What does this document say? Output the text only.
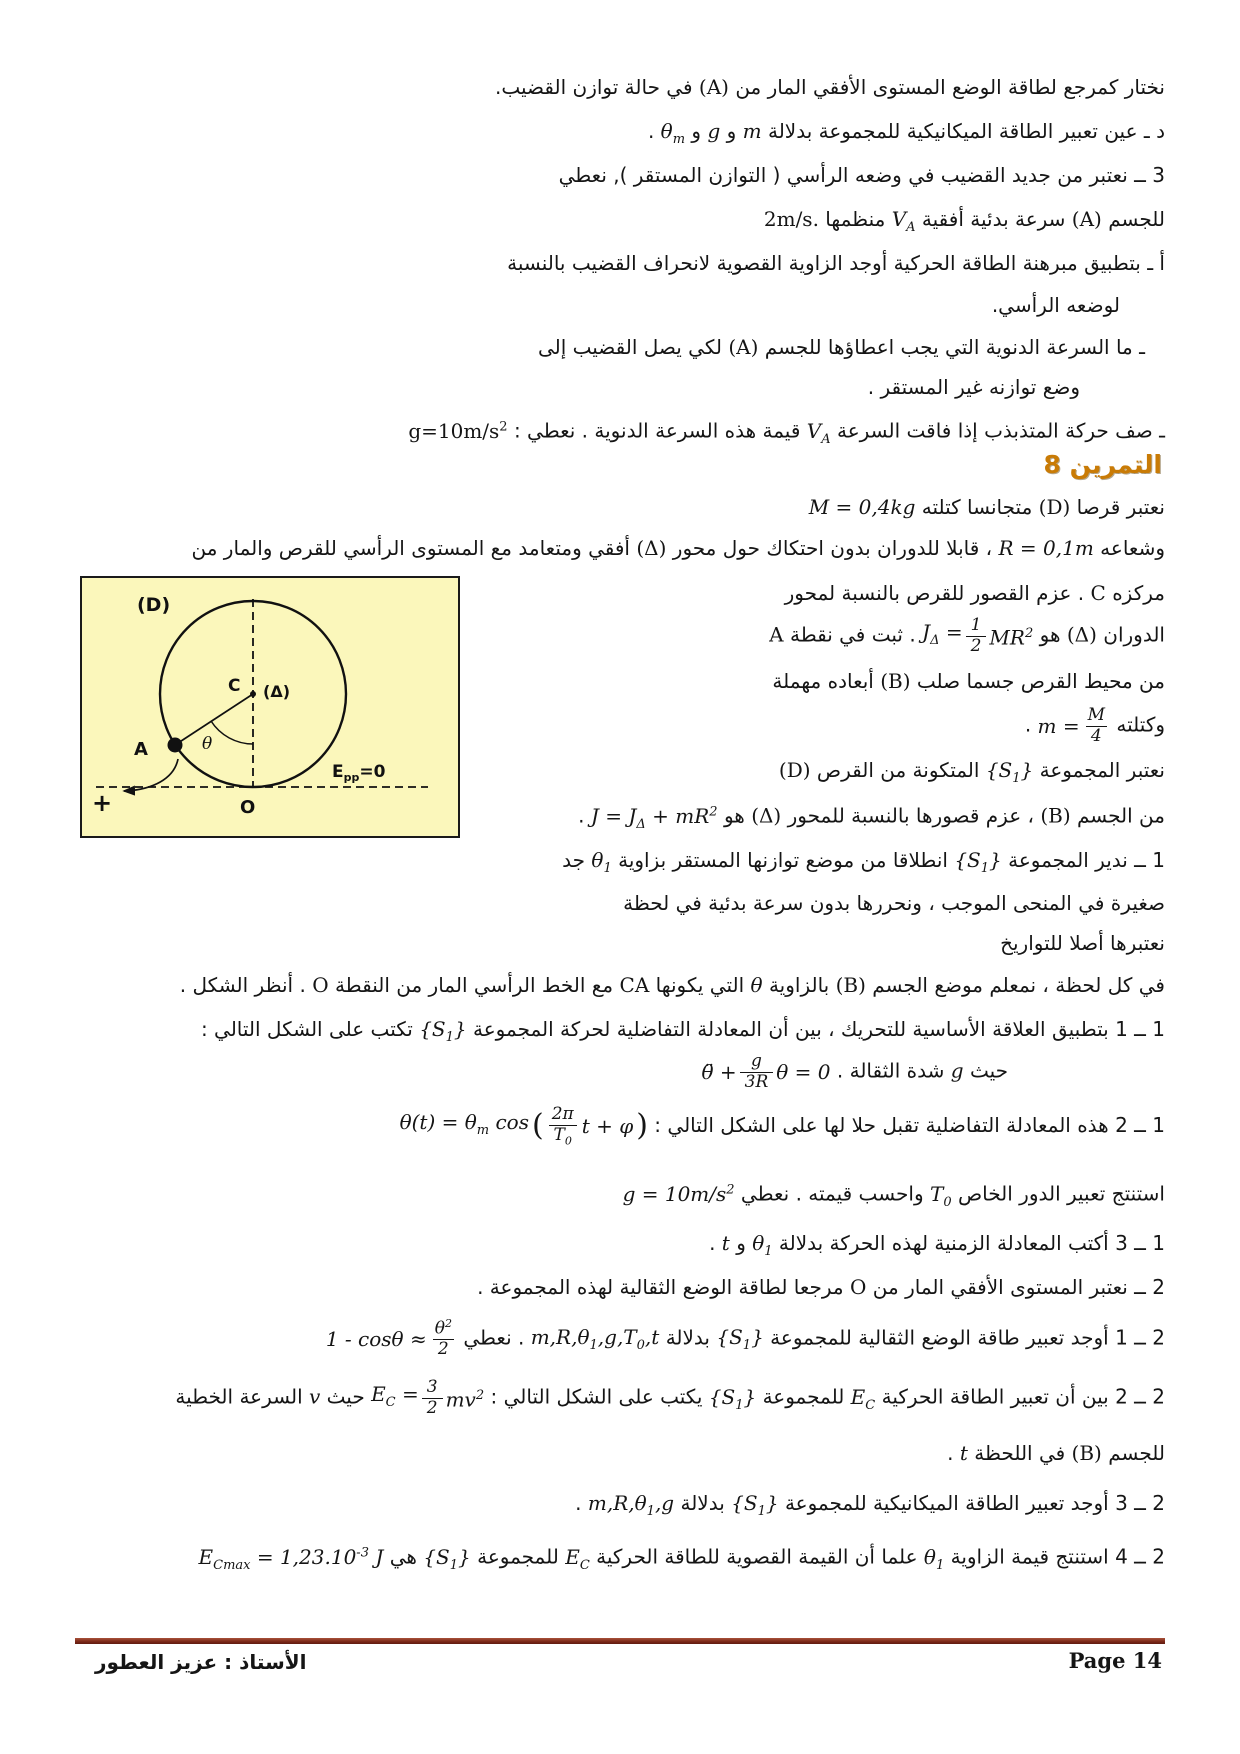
نختار كمرجع لطاقة الوضع المستوى الأفقي المار من (A) في حالة توازن القضيب.
د ـ عين تعبير الطاقة الميكانيكية للمجموعة بدلالة m و g و $\theta_m$ .
3 ــ نعتبر من جديد القضيب في وضعه الرأسي ( التوازن المستقر ), نعطي
للجسم (A) سرعة بدئية أفقية $V_A$ منظمها 2m/s.
أ ـ بتطبيق مبرهنة الطاقة الحركية أوجد الزاوية القصوية لانحراف القضيب بالنسبة
لوضعه الرأسي.
ـ ما السرعة الدنوية التي يجب اعطاؤها للجسم (A) لكي يصل القضيب إلى
وضع توازنه غير المستقر .
ـ صف حركة المتذبذب إذا فاقت السرعة $V_A$ قيمة هذه السرعة الدنوية . نعطي : $g=10m/s^2$
التمرين 8
نعتبر قرصا (D) متجانسا كتلته M = 0,4kg
وشعاعه R = 0,1m ، قابلا للدوران بدون احتكاك حول محور (Δ) أفقي ومتعامد مع المستوى الرأسي للقرص والمار من
مركزه C . عزم القصور للقرص بالنسبة لمحور
الدوران (Δ) هو
$J_\Delta = \frac{1}{2} MR^2$
. ثبت في نقطة A
من محيط القرص جسما صلب (B) أبعاده مهملة
وكتلته
$m = \frac{M}{4}$
.
نعتبر المجموعة $\{S_1\}$ المتكونة من القرص (D)
من الجسم (B) ، عزم قصورها بالنسبة للمحور (Δ) هو $J = J_\Delta + mR^2$ .
1 ــ ندير المجموعة $\{S_1\}$ انطلاقا من موضع توازنها المستقر بزاوية $\theta_1$ جد
صغيرة في المنحى الموجب ، ونحررها بدون سرعة بدئية في لحظة
نعتبرها أصلا للتواريخ
في كل لحظة ، نمعلم موضع الجسم (B) بالزاوية θ التي يكونها CA مع الخط الرأسي المار من النقطة O . أنظر الشكل .
1 ــ 1 بتطبيق العلاقة الأساسية للتحريك ، بين أن المعادلة التفاضلية لحركة المجموعة $\{S_1\}$ تكتب على الشكل التالي :
حيث g شدة الثقالة .
θ̈ + $\frac{g}{3R}$ θ = 0
1 ــ 2 هذه المعادلة التفاضلية تقبل حلا لها على الشكل التالي :
$\theta(t) = \theta_m$ cos ( $\frac{2\pi}{T_0}$ t + φ )
استنتج تعبير الدور الخاص $T_0$ واحسب قيمته . نعطي $g = 10m/s^2$
1 ــ 3 أكتب المعادلة الزمنية لهذه الحركة بدلالة $\theta_1$ و t .
2 ــ نعتبر المستوى الأفقي المار من O مرجعا لطاقة الوضع الثقالية لهذه المجموعة .
2 ــ 1 أوجد تعبير طاقة الوضع الثقالية للمجموعة $\{S_1\}$ بدلالة $m,R,\theta_1,g,T_0,t$ . نعطي
$1 - \cos\theta \approx \frac{\theta^2}{2}$
2 ــ 2 بين أن تعبير الطاقة الحركية $E_C$ للمجموعة $\{S_1\}$ يكتب على الشكل التالي :
$E_C = \frac{3}{2} mv^2$
حيث v السرعة الخطية
للجسم (B) في اللحظة t .
2 ــ 3 أوجد تعبير الطاقة الميكانيكية للمجموعة $\{S_1\}$ بدلالة $m,R,\theta_1,g$ .
2 ــ 4 استنتج قيمة الزاوية $\theta_1$ علما أن القيمة القصوية للطاقة الحركية $E_C$ للمجموعة $\{S_1\}$ هي $E_{Cmax} = 1,23.10^{-3}$ J
(D)
C (Δ)
A	θ
$E_{pp}=0$
O
+
الأستاذ : عزيز العطور	Page 14
